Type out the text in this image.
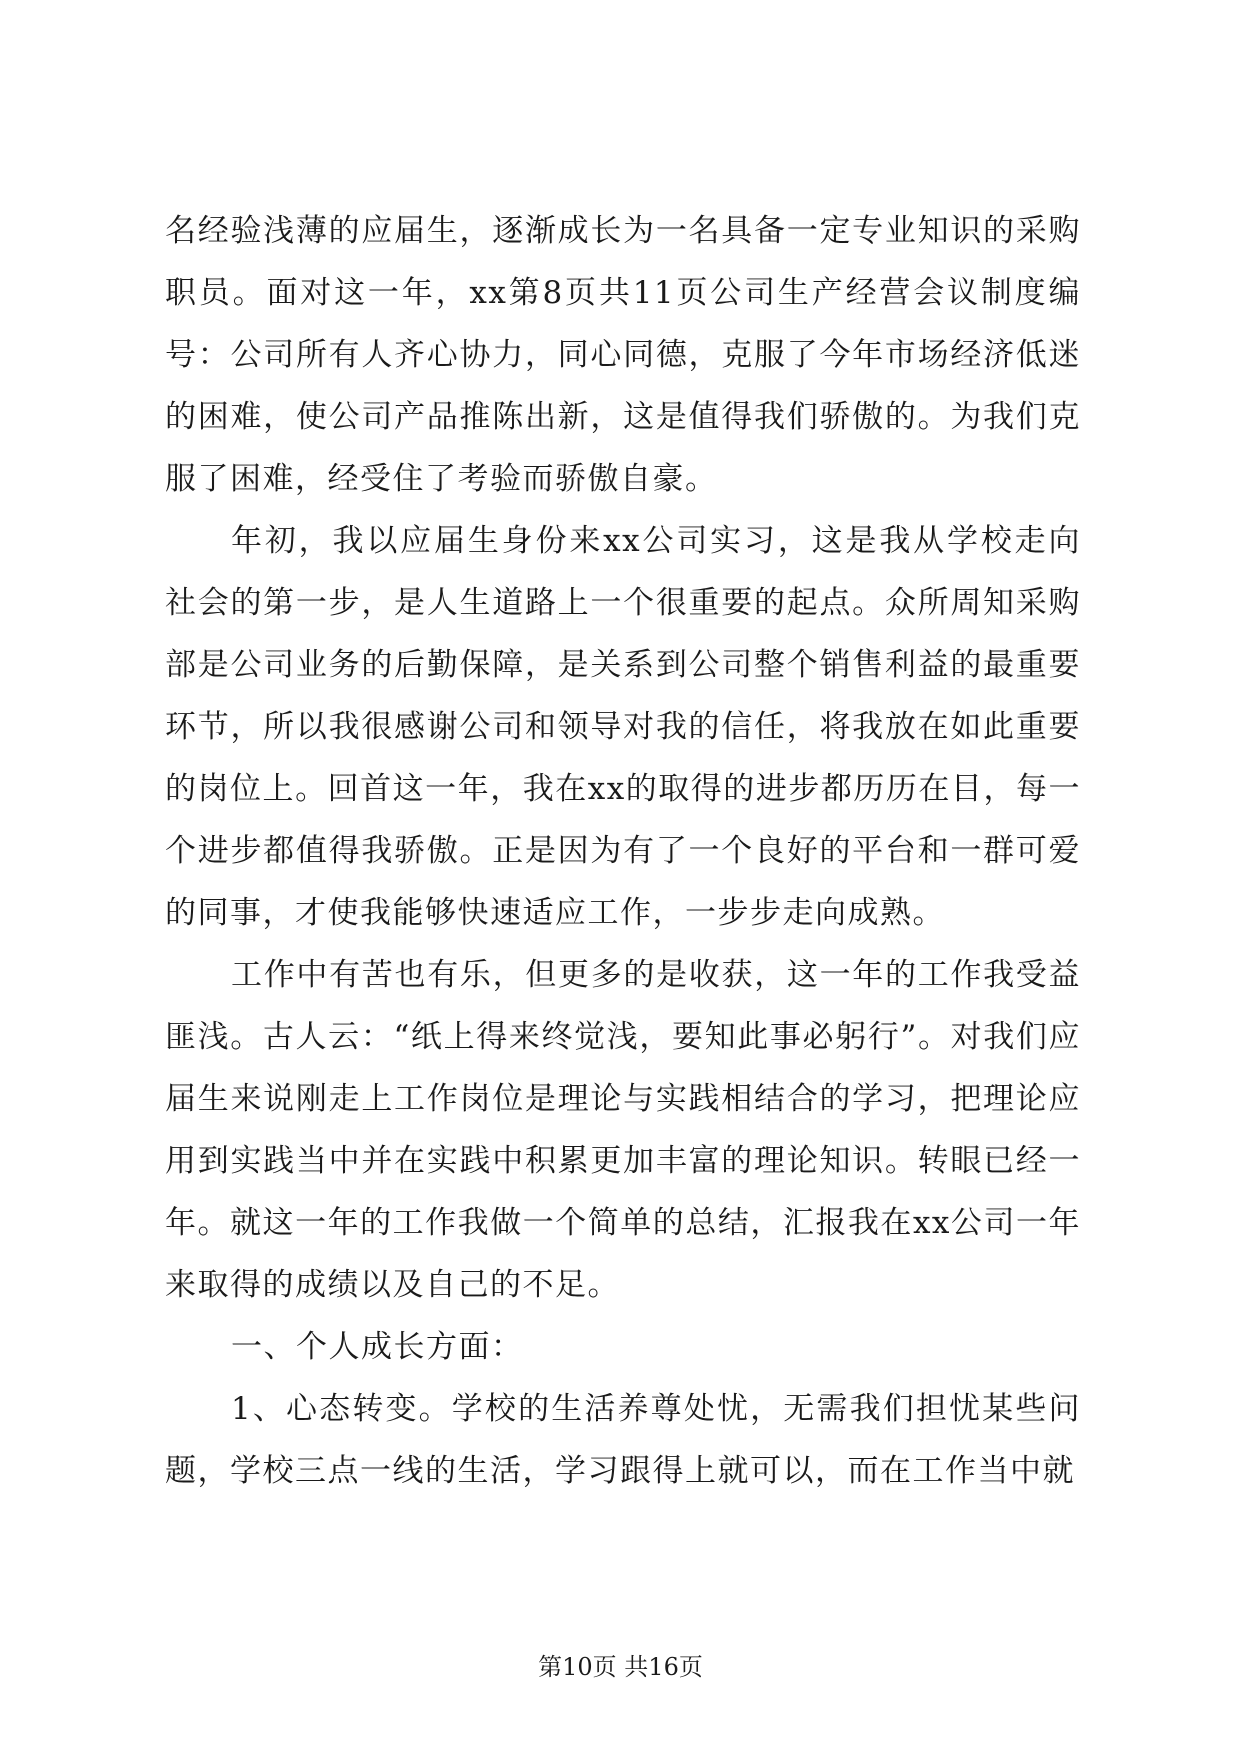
名经验浅薄的应届生，逐渐成长为一名具备一定专业知识的采购职员。面对这一年，xx第8页共11页公司生产经营会议制度编号：公司所有人齐心协力，同心同德，克服了今年市场经济低迷的困难，使公司产品推陈出新，这是值得我们骄傲的。为我们克服了困难，经受住了考验而骄傲自豪。

年初，我以应届生身份来xx公司实习，这是我从学校走向社会的第一步，是人生道路上一个很重要的起点。众所周知采购部是公司业务的后勤保障，是关系到公司整个销售利益的最重要环节，所以我很感谢公司和领导对我的信任，将我放在如此重要的岗位上。回首这一年，我在xx的取得的进步都历历在目，每一个进步都值得我骄傲。正是因为有了一个良好的平台和一群可爱的同事，才使我能够快速适应工作，一步步走向成熟。

工作中有苦也有乐，但更多的是收获，这一年的工作我受益匪浅。古人云：“纸上得来终觉浅，要知此事必躬行”。对我们应届生来说刚走上工作岗位是理论与实践相结合的学习，把理论应用到实践当中并在实践中积累更加丰富的理论知识。转眼已经一年。就这一年的工作我做一个简单的总结，汇报我在xx公司一年来取得的成绩以及自己的不足。

一、个人成长方面：

1、心态转变。学校的生活养尊处忧，无需我们担忧某些问题，学校三点一线的生活，学习跟得上就可以，而在工作当中就

第10页 共16页
